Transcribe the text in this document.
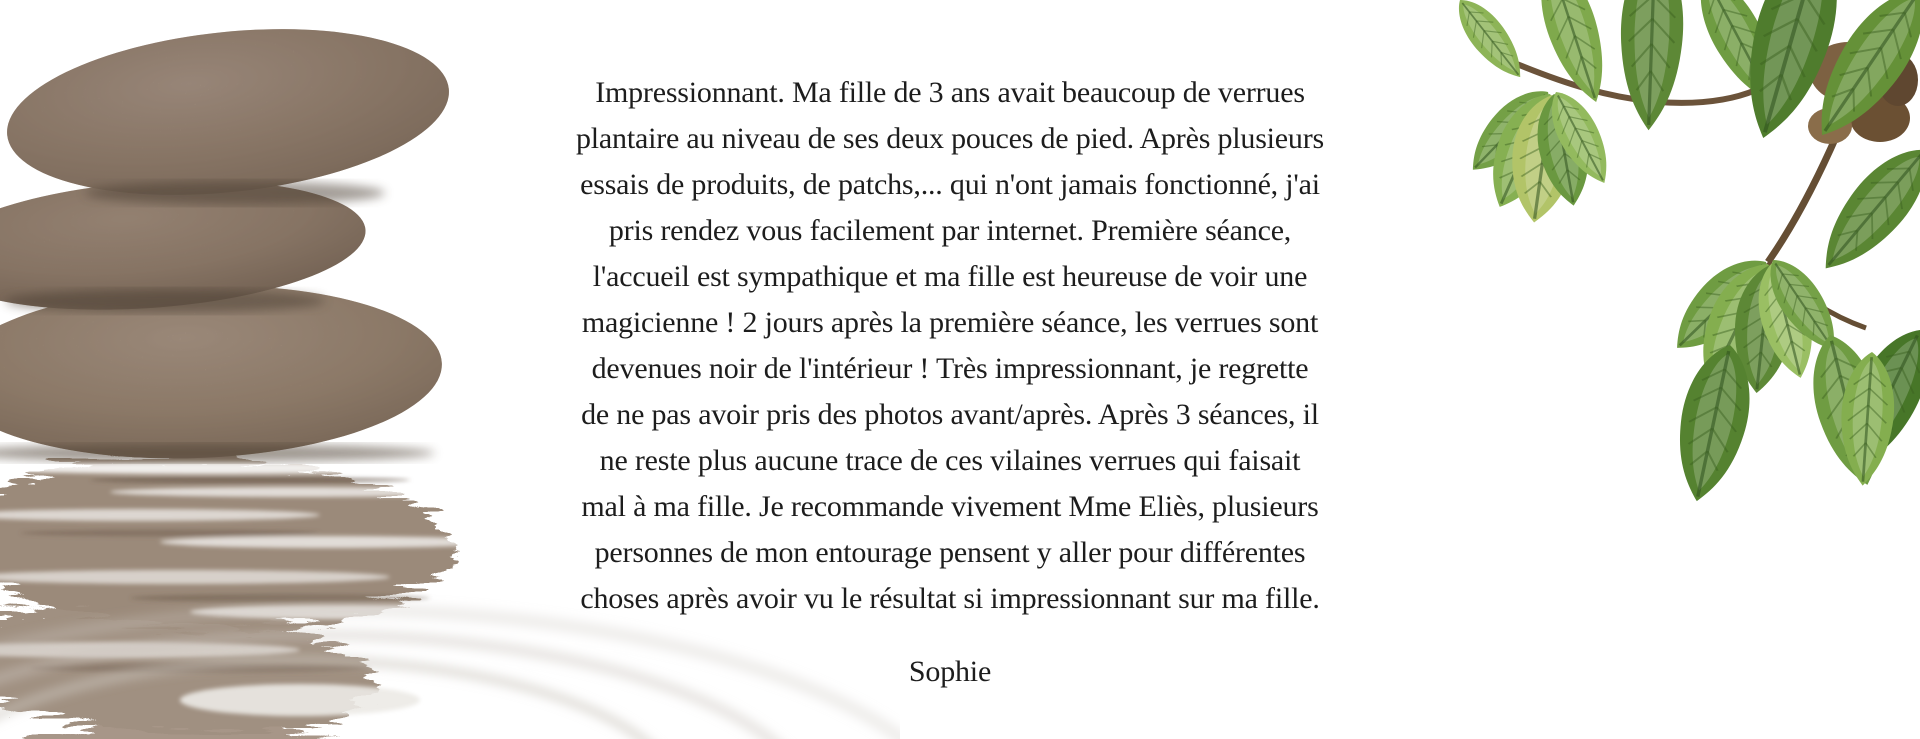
Impressionnant. Ma fille de 3 ans avait beaucoup de verrues
plantaire au niveau de ses deux pouces de pied. Après plusieurs
essais de produits, de patchs,... qui n'ont jamais fonctionné, j'ai
pris rendez vous facilement par internet. Première séance,
l'accueil est sympathique et ma fille est heureuse de voir une
magicienne ! 2 jours après la première séance, les verrues sont
devenues noir de l'intérieur ! Très impressionnant, je regrette
de ne pas avoir pris des photos avant/après. Après 3 séances, il
ne reste plus aucune trace de ces vilaines verrues qui faisait
mal à ma fille. Je recommande vivement Mme Eliès, plusieurs
personnes de mon entourage pensent y aller pour différentes
choses après avoir vu le résultat si impressionnant sur ma fille.
Sophie
